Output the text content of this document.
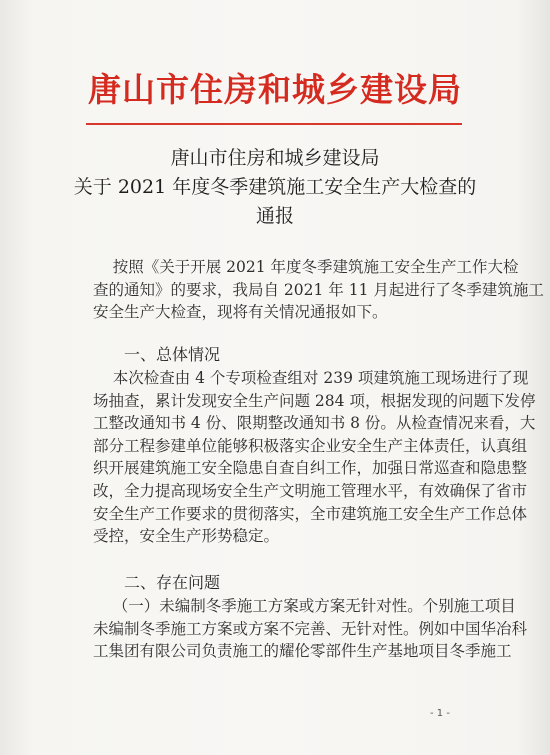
唐山市住房和城乡建设局
唐山市住房和城乡建设局
关于 2021 年度冬季建筑施工安全生产大检查的
通报
按照《关于开展 2021 年度冬季建筑施工安全生产工作大检
查的通知》的要求，我局自 2021 年 11 月起进行了冬季建筑施工
安全生产大检查，现将有关情况通报如下。
一、总体情况
本次检查由 4 个专项检查组对 239 项建筑施工现场进行了现
场抽查，累计发现安全生产问题 284 项，根据发现的问题下发停
工整改通知书 4 份、限期整改通知书 8 份。从检查情况来看，大
部分工程参建单位能够积极落实企业安全生产主体责任，认真组
织开展建筑施工安全隐患自查自纠工作，加强日常巡查和隐患整
改，全力提高现场安全生产文明施工管理水平，有效确保了省市
安全生产工作要求的贯彻落实，全市建筑施工安全生产工作总体
受控，安全生产形势稳定。
二、存在问题
（一）未编制冬季施工方案或方案无针对性。个别施工项目
未编制冬季施工方案或方案不完善、无针对性。例如中国华冶科
工集团有限公司负责施工的耀伦零部件生产基地项目冬季施工
- 1 -
